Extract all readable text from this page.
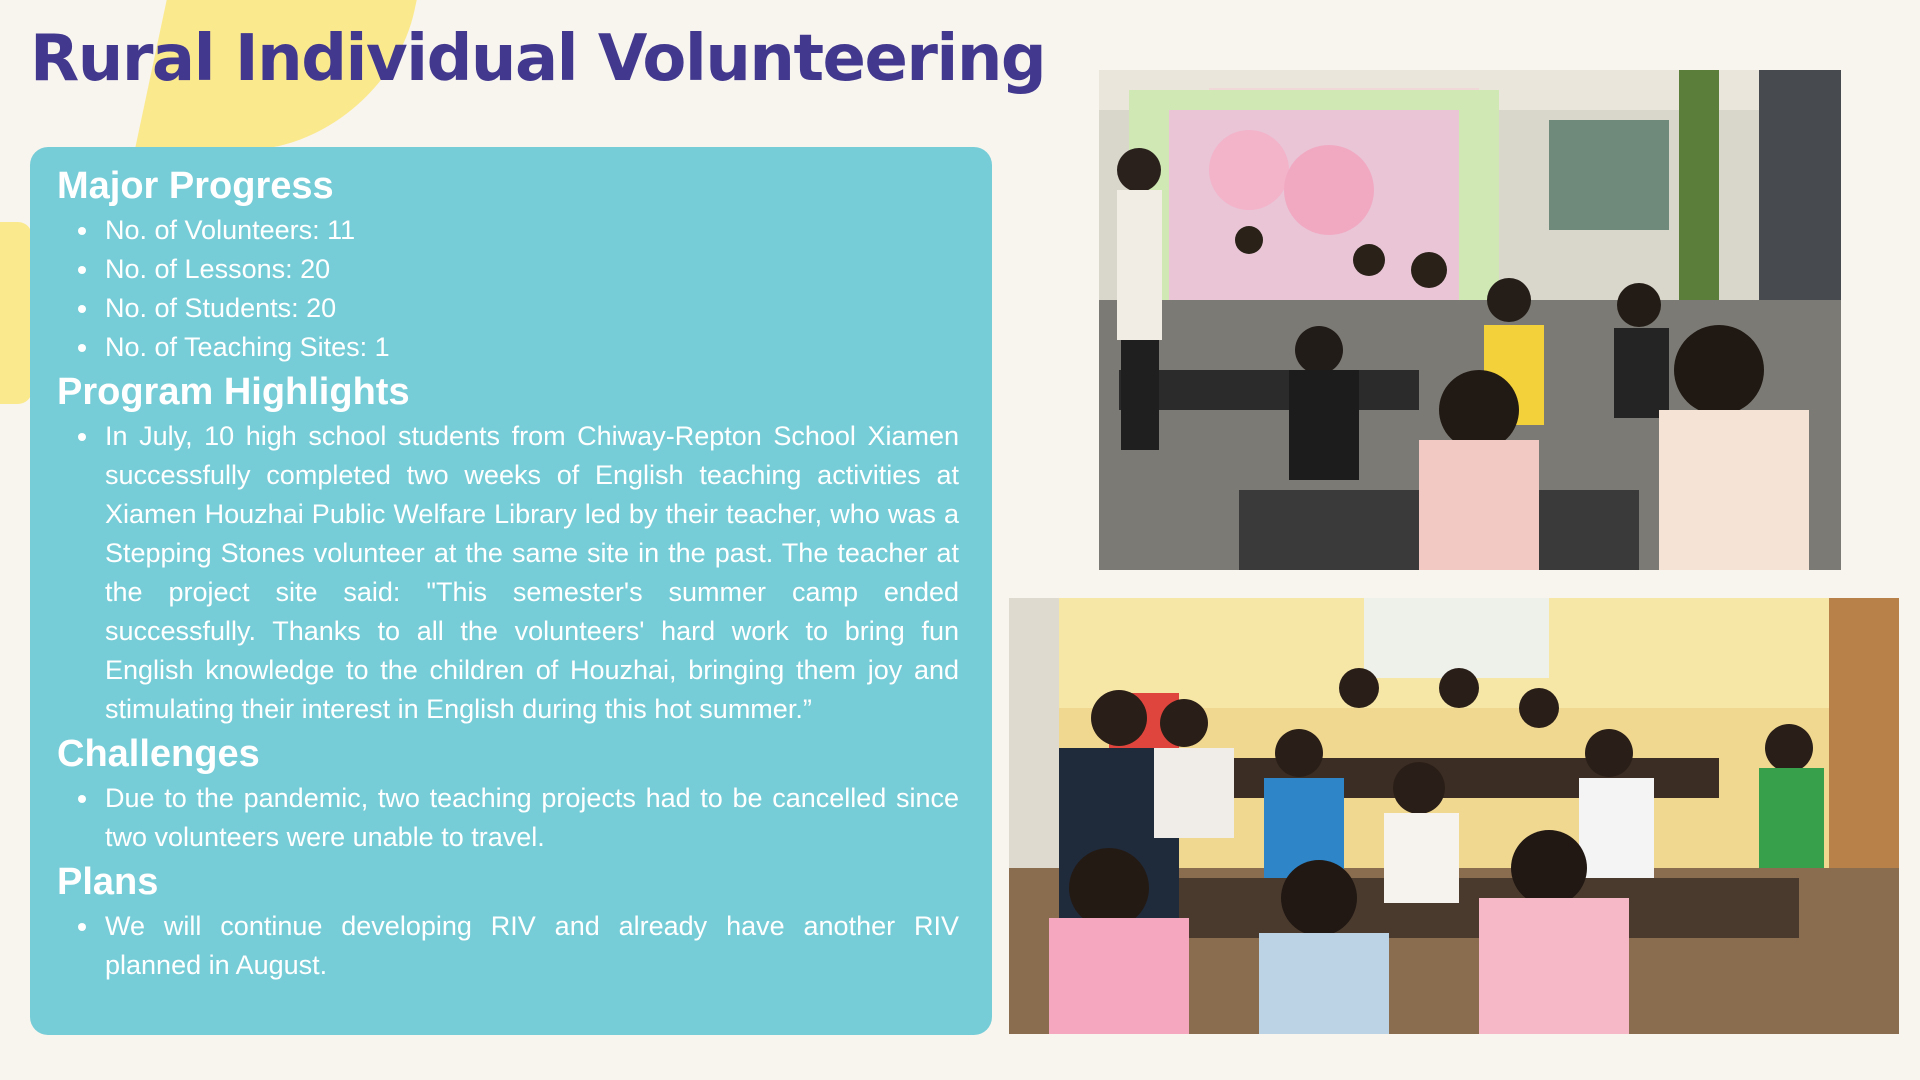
Rural Individual Volunteering
Major Progress
No. of Volunteers: 11
No. of Lessons: 20
No. of Students: 20
No. of Teaching Sites: 1
Program Highlights
In July, 10 high school students from Chiway-Repton School Xiamen successfully completed two weeks of English teaching activities at Xiamen Houzhai Public Welfare Library led by their teacher, who was a Stepping Stones volunteer at the same site in the past. The teacher at the project site said: "This semester's summer camp ended successfully. Thanks to all the volunteers' hard work to bring fun English knowledge to the children of Houzhai, bringing them joy and stimulating their interest in English during this hot summer.”
Challenges
Due to the pandemic, two teaching projects had to be cancelled since two volunteers were unable to travel.
Plans
We will continue developing RIV and already have another RIV planned in August.
